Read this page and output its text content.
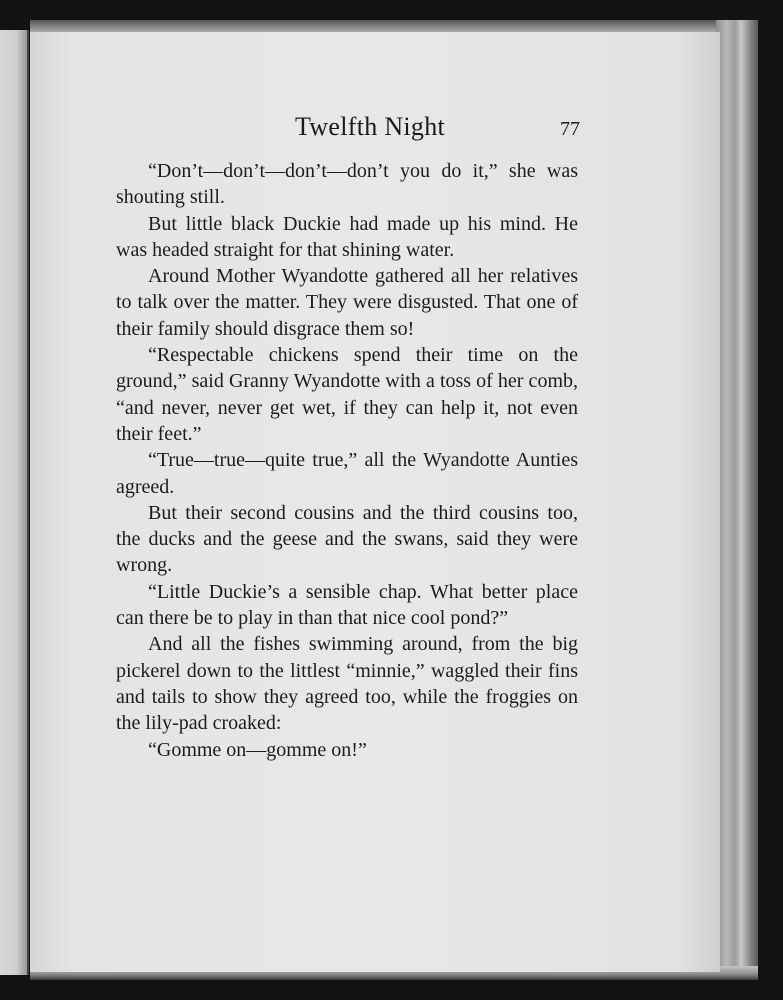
Twelfth Night	77

“Don’t—don’t—don’t—don’t you do it,” she was shouting still.

But little black Duckie had made up his mind. He was headed straight for that shining water.

Around Mother Wyandotte gathered all her relatives to talk over the matter. They were disgusted. That one of their family should disgrace them so!

“Respectable chickens spend their time on the ground,” said Granny Wyandotte with a toss of her comb, “and never, never get wet, if they can help it, not even their feet.”

“True—true—quite true,” all the Wyandotte Aunties agreed.

But their second cousins and the third cousins too, the ducks and the geese and the swans, said they were wrong.

“Little Duckie’s a sensible chap. What better place can there be to play in than that nice cool pond?”

And all the fishes swimming around, from the big pickerel down to the littlest “minnie,” waggled their fins and tails to show they agreed too, while the froggies on the lily-pad croaked:

“Gomme on—gomme on!”
